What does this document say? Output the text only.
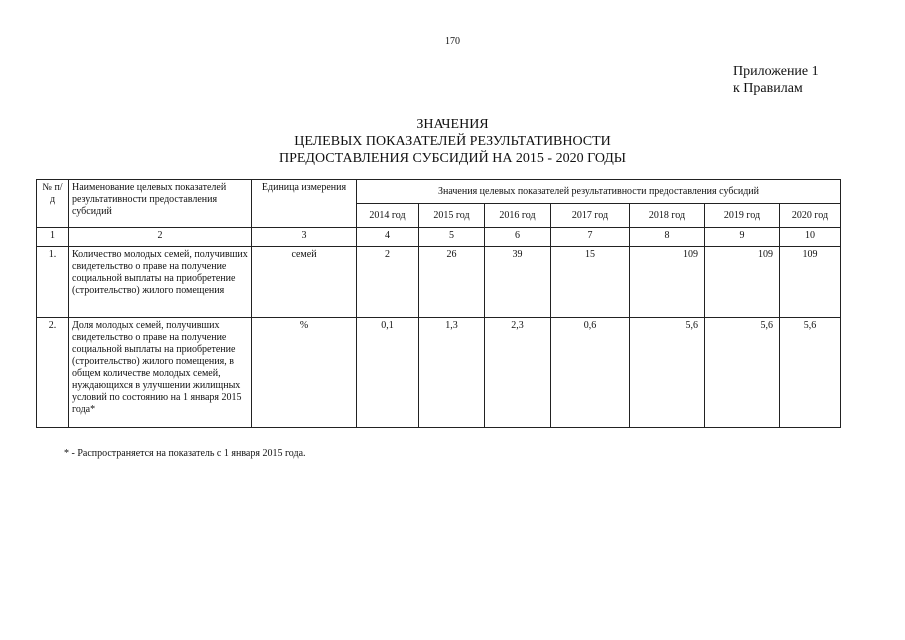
170
Приложение 1
к Правилам
ЗНАЧЕНИЯ
ЦЕЛЕВЫХ ПОКАЗАТЕЛЕЙ РЕЗУЛЬТАТИВНОСТИ
ПРЕДОСТАВЛЕНИЯ СУБСИДИЙ НА 2015 - 2020 ГОДЫ
№ п/д	Наименование целевых показателей результативности предоставления субсидий	Единица измерения	Значения целевых показателей результативности предоставления субсидий						
			2014 год	2015 год	2016 год	2017 год	2018 год	2019 год	2020 год
1	2	3	4	5	6	7	8	9	10
1.	Количество молодых семей, получивших свидетельство о праве на получение социальной выплаты на приобретение (строительство) жилого помещения	семей	2	26	39	15	109	109	109
2.	Доля молодых семей, получивших свидетельство о праве на получение социальной выплаты на приобретение (строительство) жилого помещения, в общем количестве молодых семей, нуждающихся в улучшении жилищных условий по состоянию на 1 января 2015 года*	%	0,1	1,3	2,3	0,6	5,6	5,6	5,6
* - Распространяется на показатель с 1 января 2015 года.
